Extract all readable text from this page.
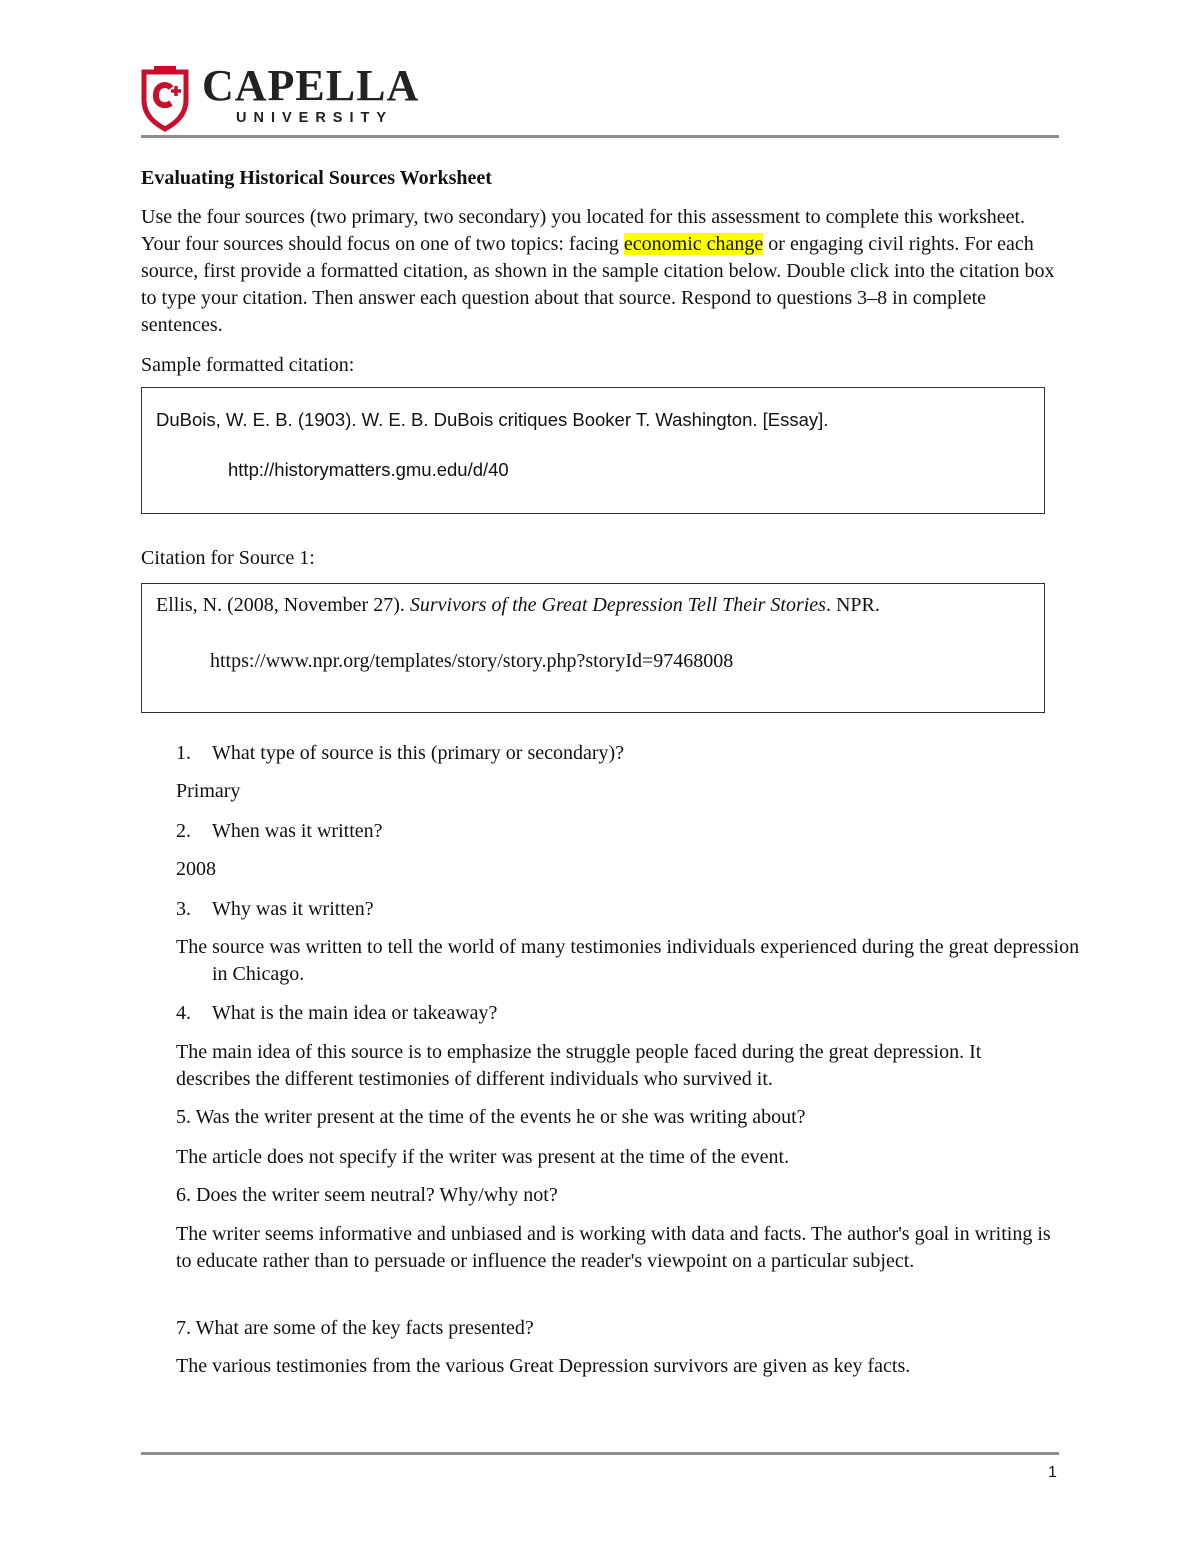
CAPELLA
UNIVERSITY
Evaluating Historical Sources Worksheet
Use the four sources (two primary, two secondary) you located for this assessment to complete this worksheet. Your four sources should focus on one of two topics: facing economic change or engaging civil rights. For each source, first provide a formatted citation, as shown in the sample citation below. Double click into the citation box to type your citation. Then answer each question about that source. Respond to questions 3–8 in complete sentences.
Sample formatted citation:
DuBois, W. E. B. (1903). W. E. B. DuBois critiques Booker T. Washington. [Essay].
http://historymatters.gmu.edu/d/40
Citation for Source 1:
Ellis, N. (2008, November 27). Survivors of the Great Depression Tell Their Stories. NPR.
https://www.npr.org/templates/story/story.php?storyId=97468008
1. What type of source is this (primary or secondary)?
Primary
2. When was it written?
2008
3. Why was it written?
The source was written to tell the world of many testimonies individuals experienced during the great depression in Chicago.
4. What is the main idea or takeaway?
The main idea of this source is to emphasize the struggle people faced during the great depression. It describes the different testimonies of different individuals who survived it.
5. Was the writer present at the time of the events he or she was writing about?
The article does not specify if the writer was present at the time of the event.
6. Does the writer seem neutral? Why/why not?
The writer seems informative and unbiased and is working with data and facts. The author's goal in writing is to educate rather than to persuade or influence the reader's viewpoint on a particular subject.
7. What are some of the key facts presented?
The various testimonies from the various Great Depression survivors are given as key facts.
1
